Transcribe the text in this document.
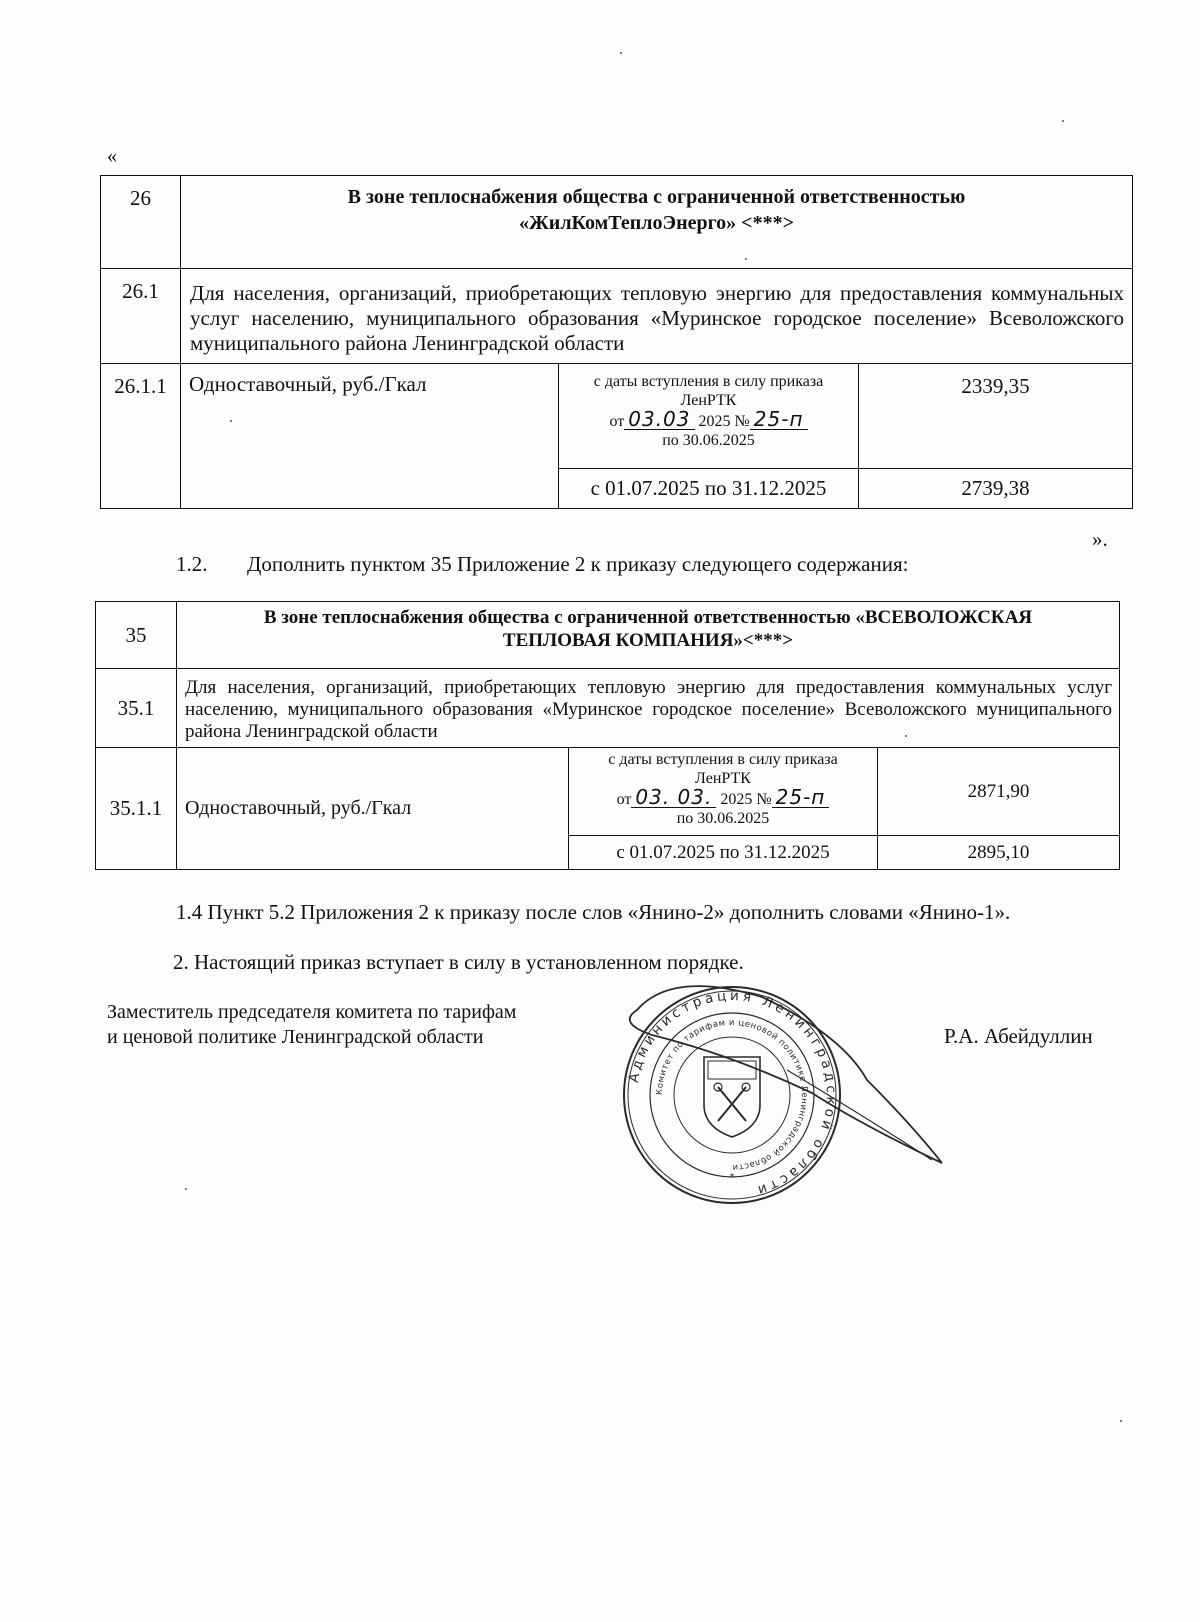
«
26	В зоне теплоснабжения общества с ограниченной ответственностью
«ЖилКомТеплоЭнерго» <***>		

26.1	Для населения, организаций, приобретающих тепловую энергию для предоставления коммунальных услуг населению, муниципального образования «Муринское городское поселение» Всеволожского муниципального района Ленинградской области		
26.1.1	Одноставочный, руб./Гкал	с даты вступления в силу приказа
ЛенРТК
от 03.03 2025 № 25-п
по 30.06.2025	2339,35
		с 01.07.2025 по 31.12.2025	2739,38
».
1.2. Дополнить пунктом 35 Приложение 2 к приказу следующего содержания:
35	В зоне теплоснабжения общества с ограниченной ответственностью «ВСЕВОЛОЖСКАЯ
ТЕПЛОВАЯ КОМПАНИЯ»<***>		

35.1	Для населения, организаций, приобретающих тепловую энергию для предоставления коммунальных услуг населению, муниципального образования «Муринское городское поселение» Всеволожского муниципального района Ленинградской области		
35.1.1	Одноставочный, руб./Гкал	с даты вступления в силу приказа
ЛенРТК
от 03. 03. 2025 № 25-п
по 30.06.2025	2871,90
		с 01.07.2025 по 31.12.2025	2895,10
1.4 Пункт 5.2 Приложения 2 к приказу после слов «Янино-2» дополнить словами «Янино-1».
2. Настоящий приказ вступает в силу в установленном порядке.
Заместитель председателя комитета по тарифам
и ценовой политике Ленинградской области	Р.А. Абейдуллин
Администрация Ленинградской области
Комитет по тарифам и ценовой политике Ленинградской области
*
